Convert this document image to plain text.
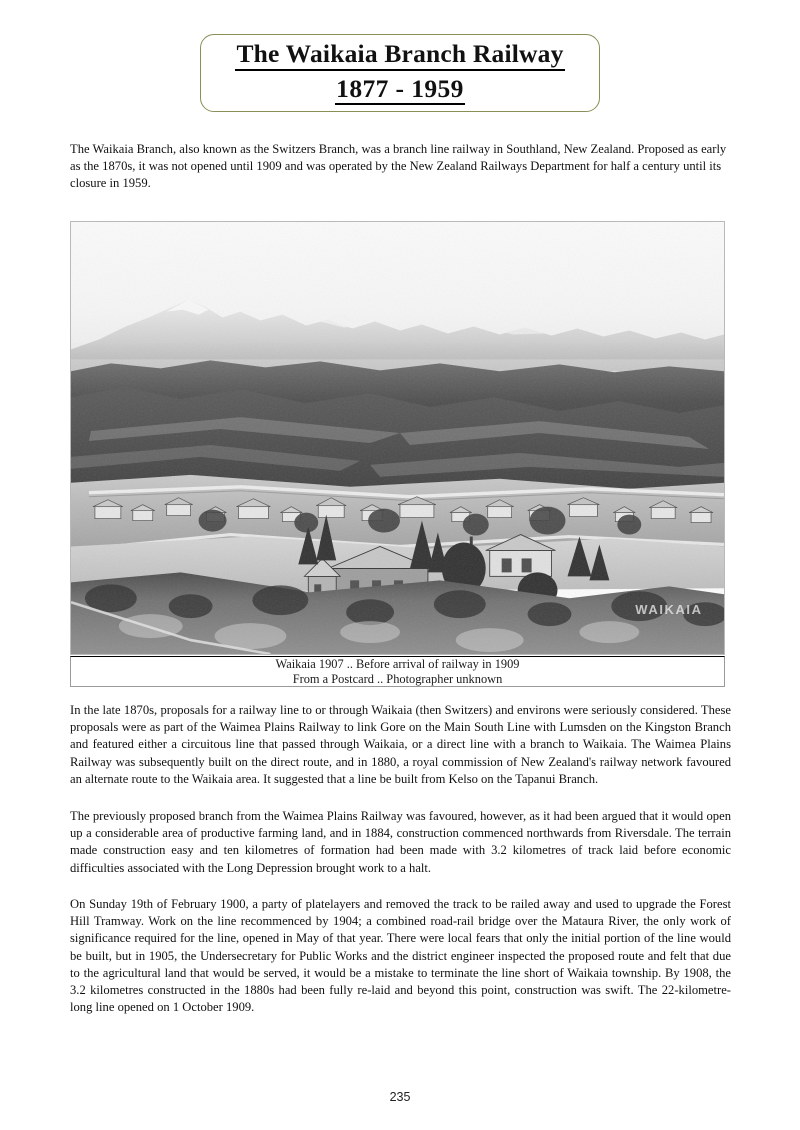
The Waikaia Branch Railway
1877 - 1959
The Waikaia Branch, also known as the Switzers Branch, was a branch line railway in Southland, New Zealand. Proposed as early as the 1870s, it was not opened until 1909 and was operated by the New Zealand Railways Department for half a century until its closure in 1959.
WAIKAIA
Waikaia 1907 .. Before arrival of railway in 1909
From a Postcard .. Photographer unknown
In the late 1870s, proposals for a railway line to or through Waikaia (then Switzers) and environs were seriously considered. These proposals were as part of the Waimea Plains Railway to link Gore on the Main South Line with Lumsden on the Kingston Branch and featured either a circuitous line that passed through Waikaia, or a direct line with a branch to Waikaia. The Waimea Plains Railway was subsequently built on the direct route, and in 1880, a royal commission of New Zealand's railway network favoured an alternate route to the Waikaia area. It suggested that a line be built from Kelso on the Tapanui Branch.
The previously proposed branch from the Waimea Plains Railway was favoured, however, as it had been argued that it would open up a considerable area of productive farming land, and in 1884, construction commenced northwards from Riversdale. The terrain made construction easy and ten kilometres of formation had been made with 3.2 kilometres of track laid before economic difficulties associated with the Long Depression brought work to a halt.
On Sunday 19th of February 1900, a party of platelayers and removed the track to be railed away and used to upgrade the Forest Hill Tramway. Work on the line recommenced by 1904; a combined road-rail bridge over the Mataura River, the only work of significance required for the line, opened in May of that year. There were local fears that only the initial portion of the line would be built, but in 1905, the Undersecretary for Public Works and the district engineer inspected the proposed route and felt that due to the agricultural land that would be served, it would be a mistake to terminate the line short of Waikaia township. By 1908, the 3.2 kilometres constructed in the 1880s had been fully re-laid and beyond this point, construction was swift. The 22-kilometre-long line opened on 1 October 1909.
235
